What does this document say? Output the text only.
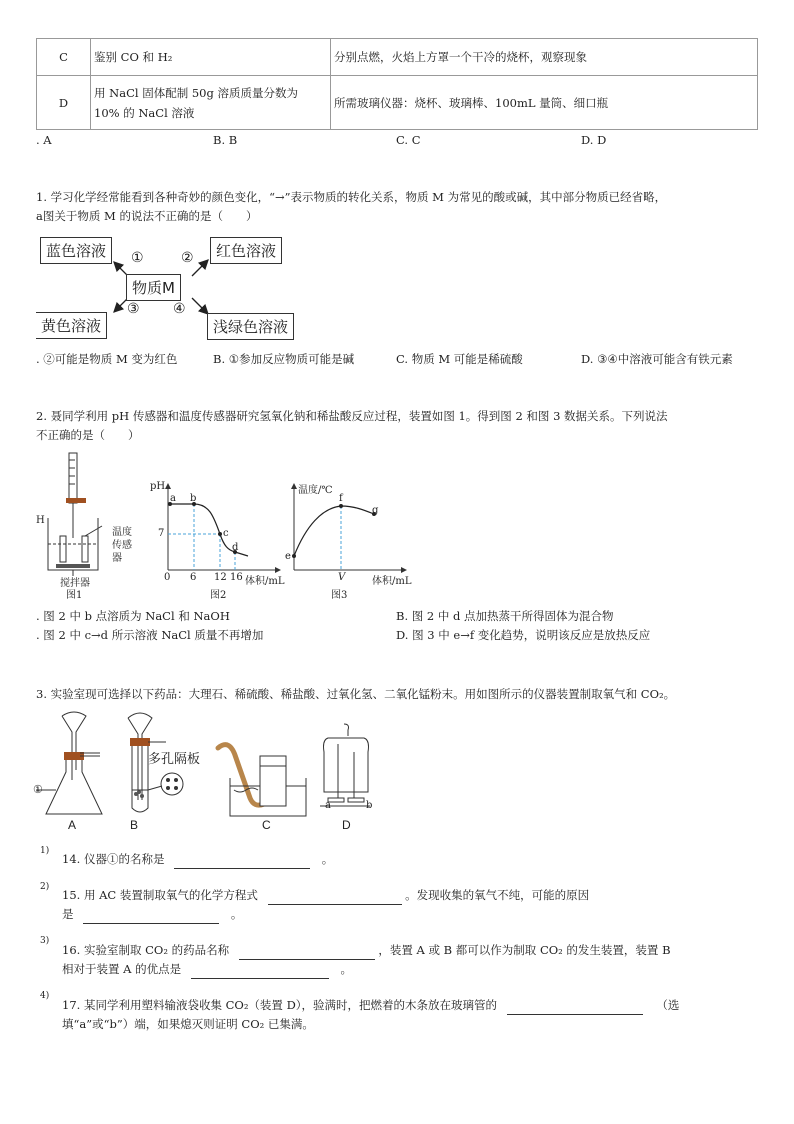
C	鉴别 CO 和 H₂	分别点燃，火焰上方罩一个干冷的烧杯，观察现象
D	用 NaCl 固体配制 50g 溶质质量分数为
10% 的 NaCl 溶液	所需玻璃仪器：烧杯、玻璃棒、100mL 量筒、细口瓶
. A	B. B	C. C	D. D
1. 学习化学经常能看到各种奇妙的颜色变化，“→”表示物质的转化关系，物质 M 为常见的酸或碱，其中部分物质已经省略，
a图关于物质 M 的说法不正确的是（　　）
蓝色溶液	红色溶液
物质M
黄色溶液	浅绿色溶液
①	②
③ ④
. ②可能是物质 M 变为红色	B. ①参加反应物质可能是碱	C. 物质 M 可能是稀硫酸	D. ③④中溶液可能含有铁元素
2. 聂同学利用 pH 传感器和温度传感器研究氢氧化钠和稀盐酸反应过程，装置如图 1。得到图 2 和图 3 数据关系。下列说法
不正确的是（　　）
H
温度
传感
器
搅拌器
图1
pH
7
a b
c
d
0 6 12 16 体积/mL
图2
温度/℃
e
f
g
V	体积/mL
图3
. 图 2 中 b 点溶质为 NaCl 和 NaOH	B. 图 2 中 d 点加热蒸干所得固体为混合物
. 图 2 中 c→d 所示溶液 NaCl 质量不再增加	D. 图 3 中 e→f 变化趋势，说明该反应是放热反应
3. 实验室现可选择以下药品：大理石、稀硫酸、稀盐酸、过氧化氢、二氧化锰粉末。用如图所示的仪器装置制取氧气和 CO₂。
①
A
多孔隔板
B	C
a	b
D
1)
14. 仪器①的名称是	。
2)
15. 用 AC 装置制取氧气的化学方程式	。发现收集的氧气不纯，可能的原因
是	。
3)
16. 实验室制取 CO₂ 的药品名称	，装置 A 或 B 都可以作为制取 CO₂ 的发生装置，装置 B
相对于装置 A 的优点是	。
4)
17. 某同学利用塑料输液袋收集 CO₂（装置 D），验满时，把燃着的木条放在玻璃管的	（选
填“a”或“b”）端，如果熄灭则证明 CO₂ 已集满。
